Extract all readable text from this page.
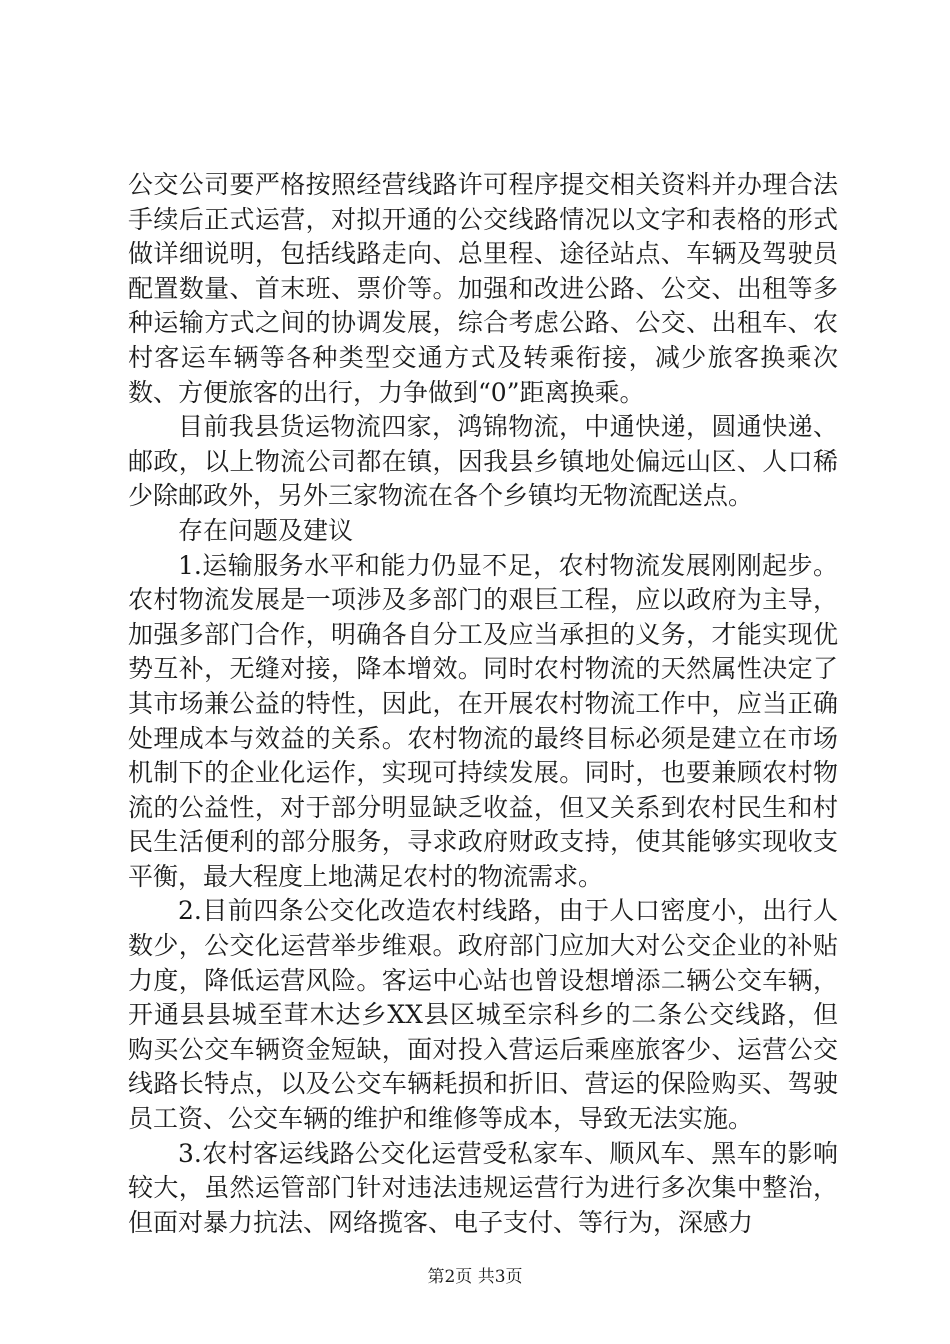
公交公司要严格按照经营线路许可程序提交相关资料并办理合法手续后正式运营，对拟开通的公交线路情况以文字和表格的形式做详细说明，包括线路走向、总里程、途径站点、车辆及驾驶员配置数量、首末班、票价等。加强和改进公路、公交、出租等多种运输方式之间的协调发展，综合考虑公路、公交、出租车、农村客运车辆等各种类型交通方式及转乘衔接，减少旅客换乘次数、方便旅客的出行，力争做到“0”距离换乘。

目前我县货运物流四家，鸿锦物流，中通快递，圆通快递、邮政，以上物流公司都在镇，因我县乡镇地处偏远山区、人口稀少除邮政外，另外三家物流在各个乡镇均无物流配送点。

存在问题及建议

1.运输服务水平和能力仍显不足，农村物流发展刚刚起步。农村物流发展是一项涉及多部门的艰巨工程，应以政府为主导，加强多部门合作，明确各自分工及应当承担的义务，才能实现优势互补，无缝对接，降本增效。同时农村物流的天然属性决定了其市场兼公益的特性，因此，在开展农村物流工作中，应当正确处理成本与效益的关系。农村物流的最终目标必须是建立在市场机制下的企业化运作，实现可持续发展。同时，也要兼顾农村物流的公益性，对于部分明显缺乏收益，但又关系到农村民生和村民生活便利的部分服务，寻求政府财政支持，使其能够实现收支平衡，最大程度上地满足农村的物流需求。

2.目前四条公交化改造农村线路，由于人口密度小，出行人数少，公交化运营举步维艰。政府部门应加大对公交企业的补贴力度，降低运营风险。客运中心站也曾设想增添二辆公交车辆，开通县县城至茸木达乡XX县区城至宗科乡的二条公交线路，但购买公交车辆资金短缺，面对投入营运后乘座旅客少、运营公交线路长特点，以及公交车辆耗损和折旧、营运的保险购买、驾驶员工资、公交车辆的维护和维修等成本，导致无法实施。

3.农村客运线路公交化运营受私家车、顺风车、黑车的影响较大，虽然运管部门针对违法违规运营行为进行多次集中整治，但面对暴力抗法、网络揽客、电子支付、等行为，深感力

第2页 共3页
